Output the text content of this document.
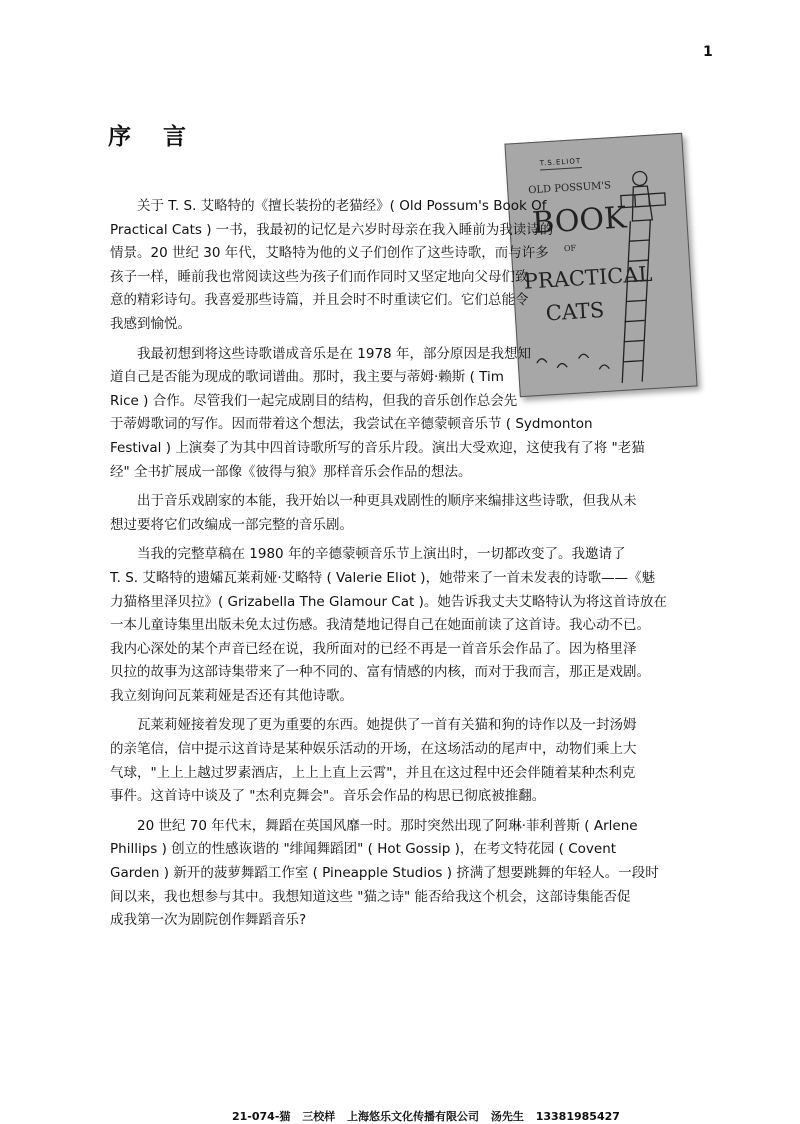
1
序 言
T.S.ELIOT
OLD POSSUM'S
BOOK
OF
PRACTICAL
CATS
关于 T. S. 艾略特的《擅长装扮的老猫经》( Old Possum's Book Of
Practical Cats ) 一书，我最初的记忆是六岁时母亲在我入睡前为我读诗的
情景。20 世纪 30 年代，艾略特为他的义子们创作了这些诗歌，而与许多
孩子一样，睡前我也常阅读这些为孩子们而作同时又坚定地向父母们致
意的精彩诗句。我喜爱那些诗篇，并且会时不时重读它们。它们总能令
我感到愉悦。
我最初想到将这些诗歌谱成音乐是在 1978 年，部分原因是我想知
道自己是否能为现成的歌词谱曲。那时，我主要与蒂姆·赖斯 ( Tim
Rice ) 合作。尽管我们一起完成剧目的结构，但我的音乐创作总会先
于蒂姆歌词的写作。因而带着这个想法，我尝试在辛德蒙顿音乐节 ( Sydmonton
Festival ) 上演奏了为其中四首诗歌所写的音乐片段。演出大受欢迎，这使我有了将 "老猫
经" 全书扩展成一部像《彼得与狼》那样音乐会作品的想法。
出于音乐戏剧家的本能，我开始以一种更具戏剧性的顺序来编排这些诗歌，但我从未
想过要将它们改编成一部完整的音乐剧。
当我的完整草稿在 1980 年的辛德蒙顿音乐节上演出时，一切都改变了。我邀请了
T. S. 艾略特的遗孀瓦莱莉娅·艾略特 ( Valerie Eliot )，她带来了一首未发表的诗歌——《魅
力猫格里泽贝拉》( Grizabella The Glamour Cat )。她告诉我丈夫艾略特认为将这首诗放在
一本儿童诗集里出版未免太过伤感。我清楚地记得自己在她面前读了这首诗。我心动不已。
我内心深处的某个声音已经在说，我所面对的已经不再是一首音乐会作品了。因为格里泽
贝拉的故事为这部诗集带来了一种不同的、富有情感的内核，而对于我而言，那正是戏剧。
我立刻询问瓦莱莉娅是否还有其他诗歌。
瓦莱莉娅接着发现了更为重要的东西。她提供了一首有关猫和狗的诗作以及一封汤姆
的亲笔信，信中提示这首诗是某种娱乐活动的开场，在这场活动的尾声中，动物们乘上大
气球，"上上上越过罗素酒店，上上上直上云霄"，并且在这过程中还会伴随着某种杰利克
事件。这首诗中谈及了 "杰利克舞会"。音乐会作品的构思已彻底被推翻。
20 世纪 70 年代末，舞蹈在英国风靡一时。那时突然出现了阿琳·菲利普斯 ( Arlene
Phillips ) 创立的性感诙谐的 "绯闻舞蹈团" ( Hot Gossip )，在考文特花园 ( Covent
Garden ) 新开的菠萝舞蹈工作室 ( Pineapple Studios ) 挤满了想要跳舞的年轻人。一段时
间以来，我也想参与其中。我想知道这些 "猫之诗" 能否给我这个机会，这部诗集能否促
成我第一次为剧院创作舞蹈音乐?
21-074-猫 三校样 上海悠乐文化传播有限公司 汤先生 13381985427
